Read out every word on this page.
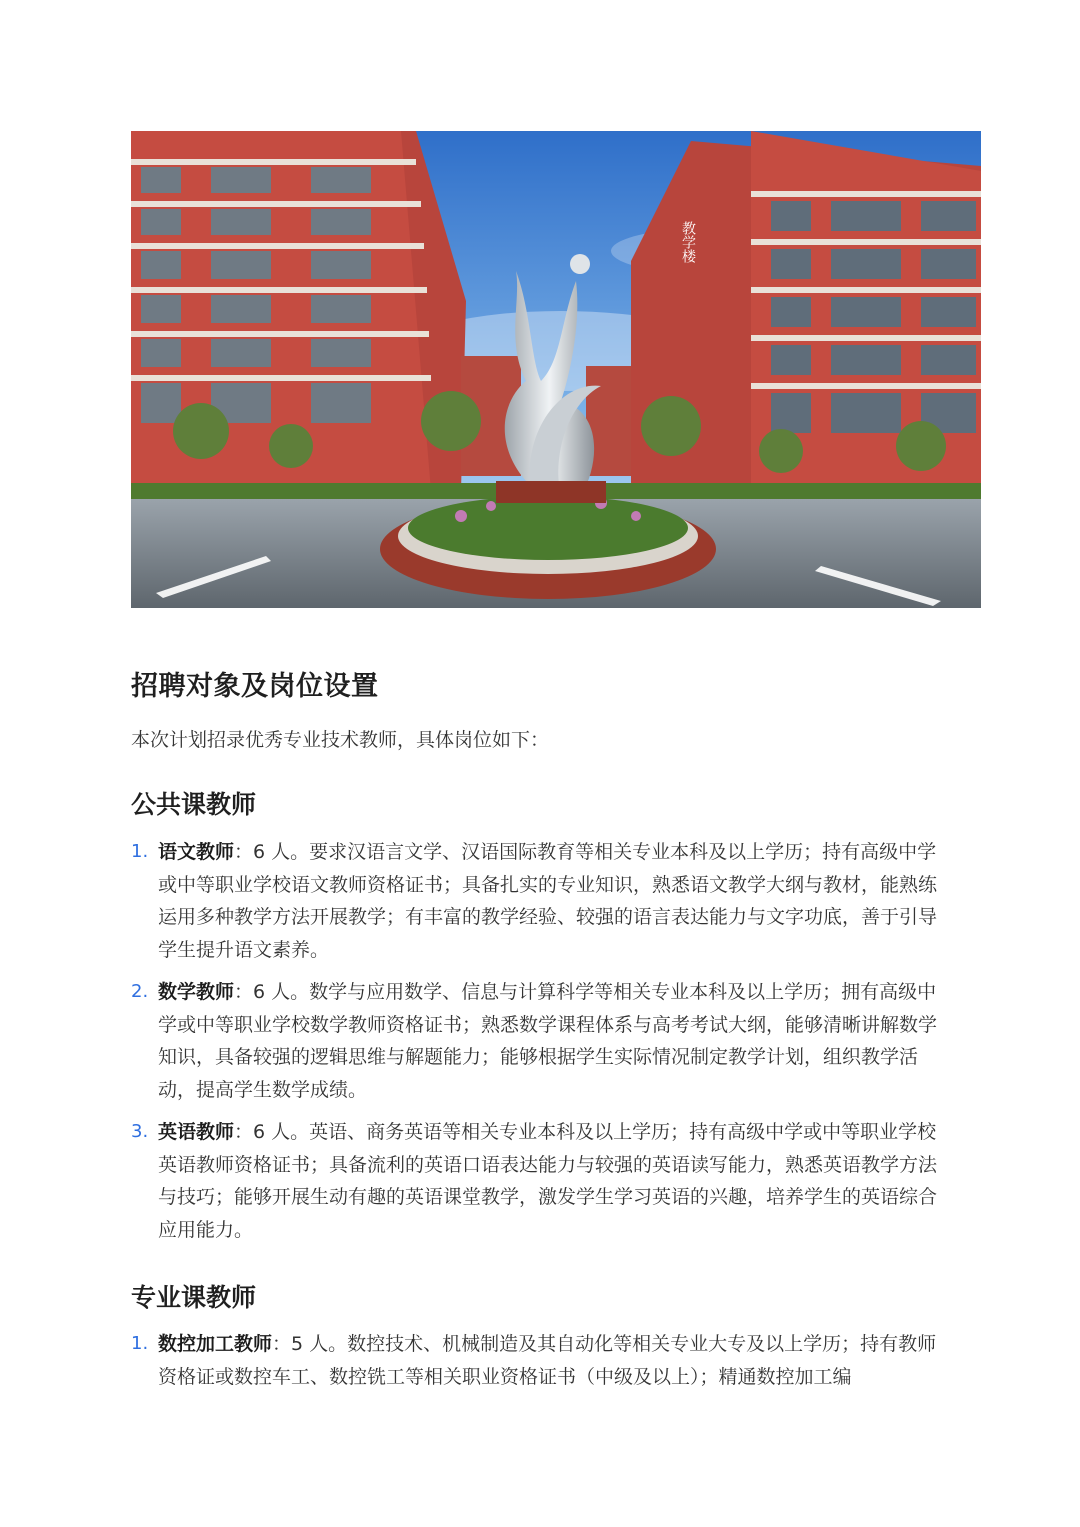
教学楼
招聘对象及岗位设置

本次计划招录优秀专业技术教师，具体岗位如下：

公共课教师
1. 语文教师：6 人。要求汉语言文学、汉语国际教育等相关专业本科及以上学历；持有高级中学或中等职业学校语文教师资格证书；具备扎实的专业知识，熟悉语文教学大纲与教材，能熟练运用多种教学方法开展教学；有丰富的教学经验、较强的语言表达能力与文字功底，善于引导学生提升语文素养。
2. 数学教师：6 人。数学与应用数学、信息与计算科学等相关专业本科及以上学历；拥有高级中学或中等职业学校数学教师资格证书；熟悉数学课程体系与高考考试大纲，能够清晰讲解数学知识，具备较强的逻辑思维与解题能力；能够根据学生实际情况制定教学计划，组织教学活动，提高学生数学成绩。
3. 英语教师：6 人。英语、商务英语等相关专业本科及以上学历；持有高级中学或中等职业学校英语教师资格证书；具备流利的英语口语表达能力与较强的英语读写能力，熟悉英语教学方法与技巧；能够开展生动有趣的英语课堂教学，激发学生学习英语的兴趣，培养学生的英语综合应用能力。
专业课教师
1. 数控加工教师：5 人。数控技术、机械制造及其自动化等相关专业大专及以上学历；持有教师资格证或数控车工、数控铣工等相关职业资格证书（中级及以上）；精通数控加工编
